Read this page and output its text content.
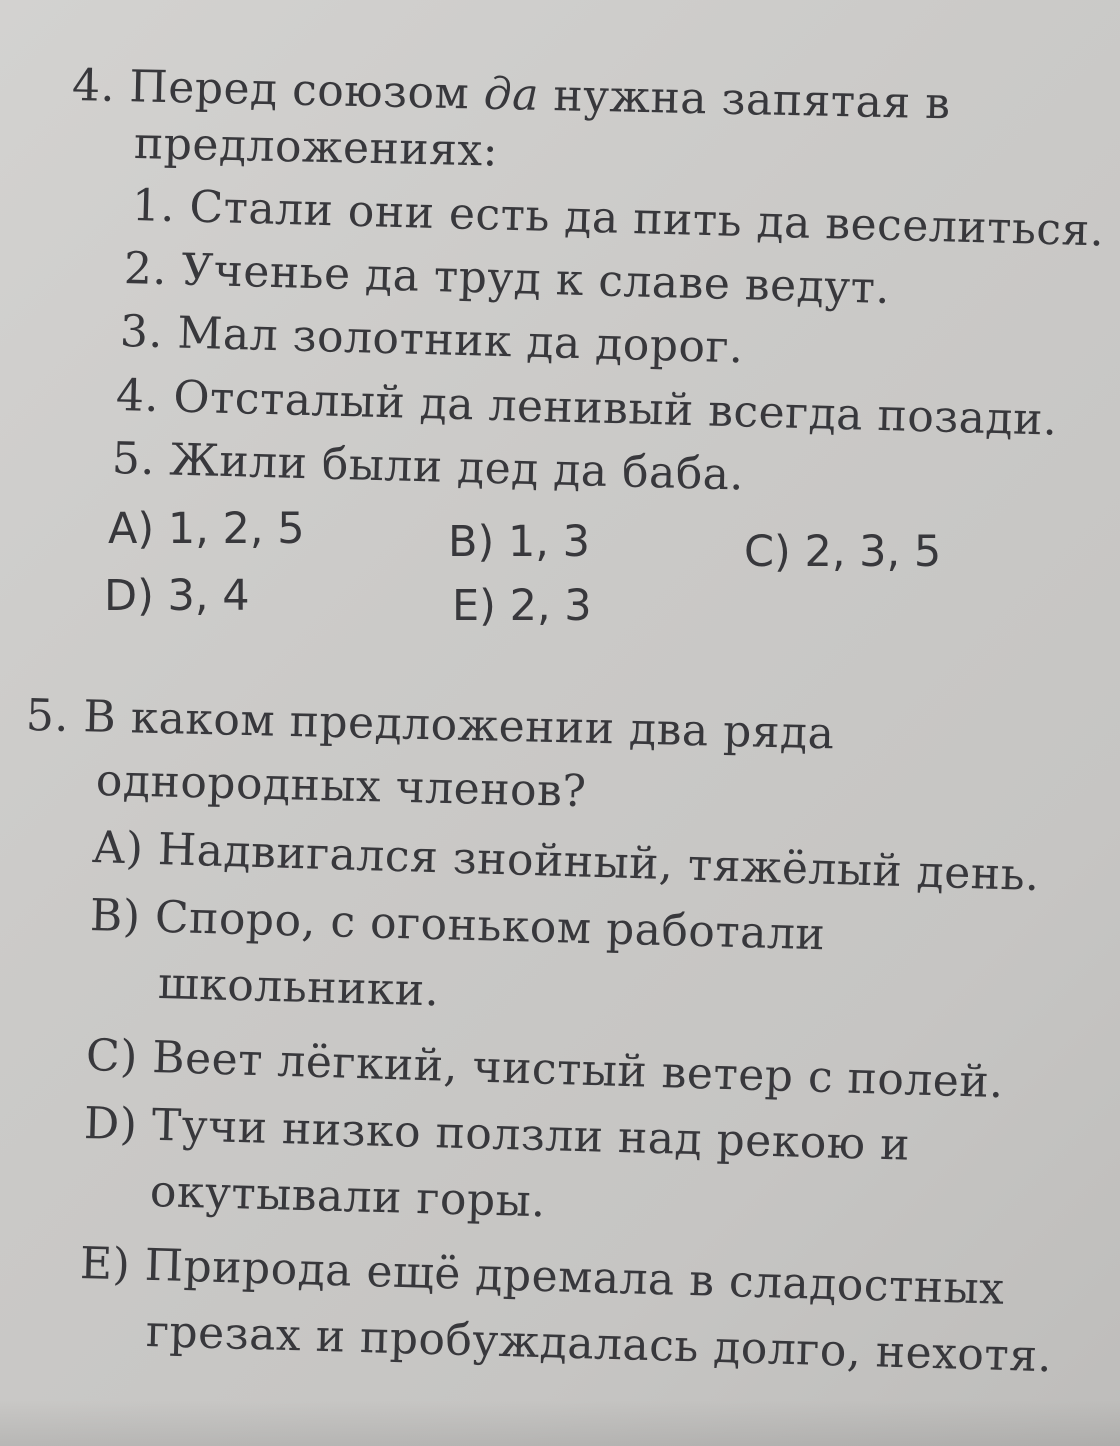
4. Перед союзом да нужна запятая в
предложениях:
1. Стали они есть да пить да веселиться.
2. Ученье да труд к славе ведут.
3. Мал золотник да дорог.
4. Отсталый да ленивый всегда позади.
5. Жили были дед да баба.
А) 1, 2, 5	В) 1, 3	С) 2, 3, 5
D) 3, 4	Е) 2, 3
5. В каком предложении два ряда
однородных членов?
А) Надвигался знойный, тяжёлый день.
В) Споро, с огоньком работали
школьники.
С) Веет лёгкий, чистый ветер с полей.
D) Тучи низко ползли над рекою и
окутывали горы.
Е) Природа ещё дремала в сладостных
грезах и пробуждалась долго, нехотя.
